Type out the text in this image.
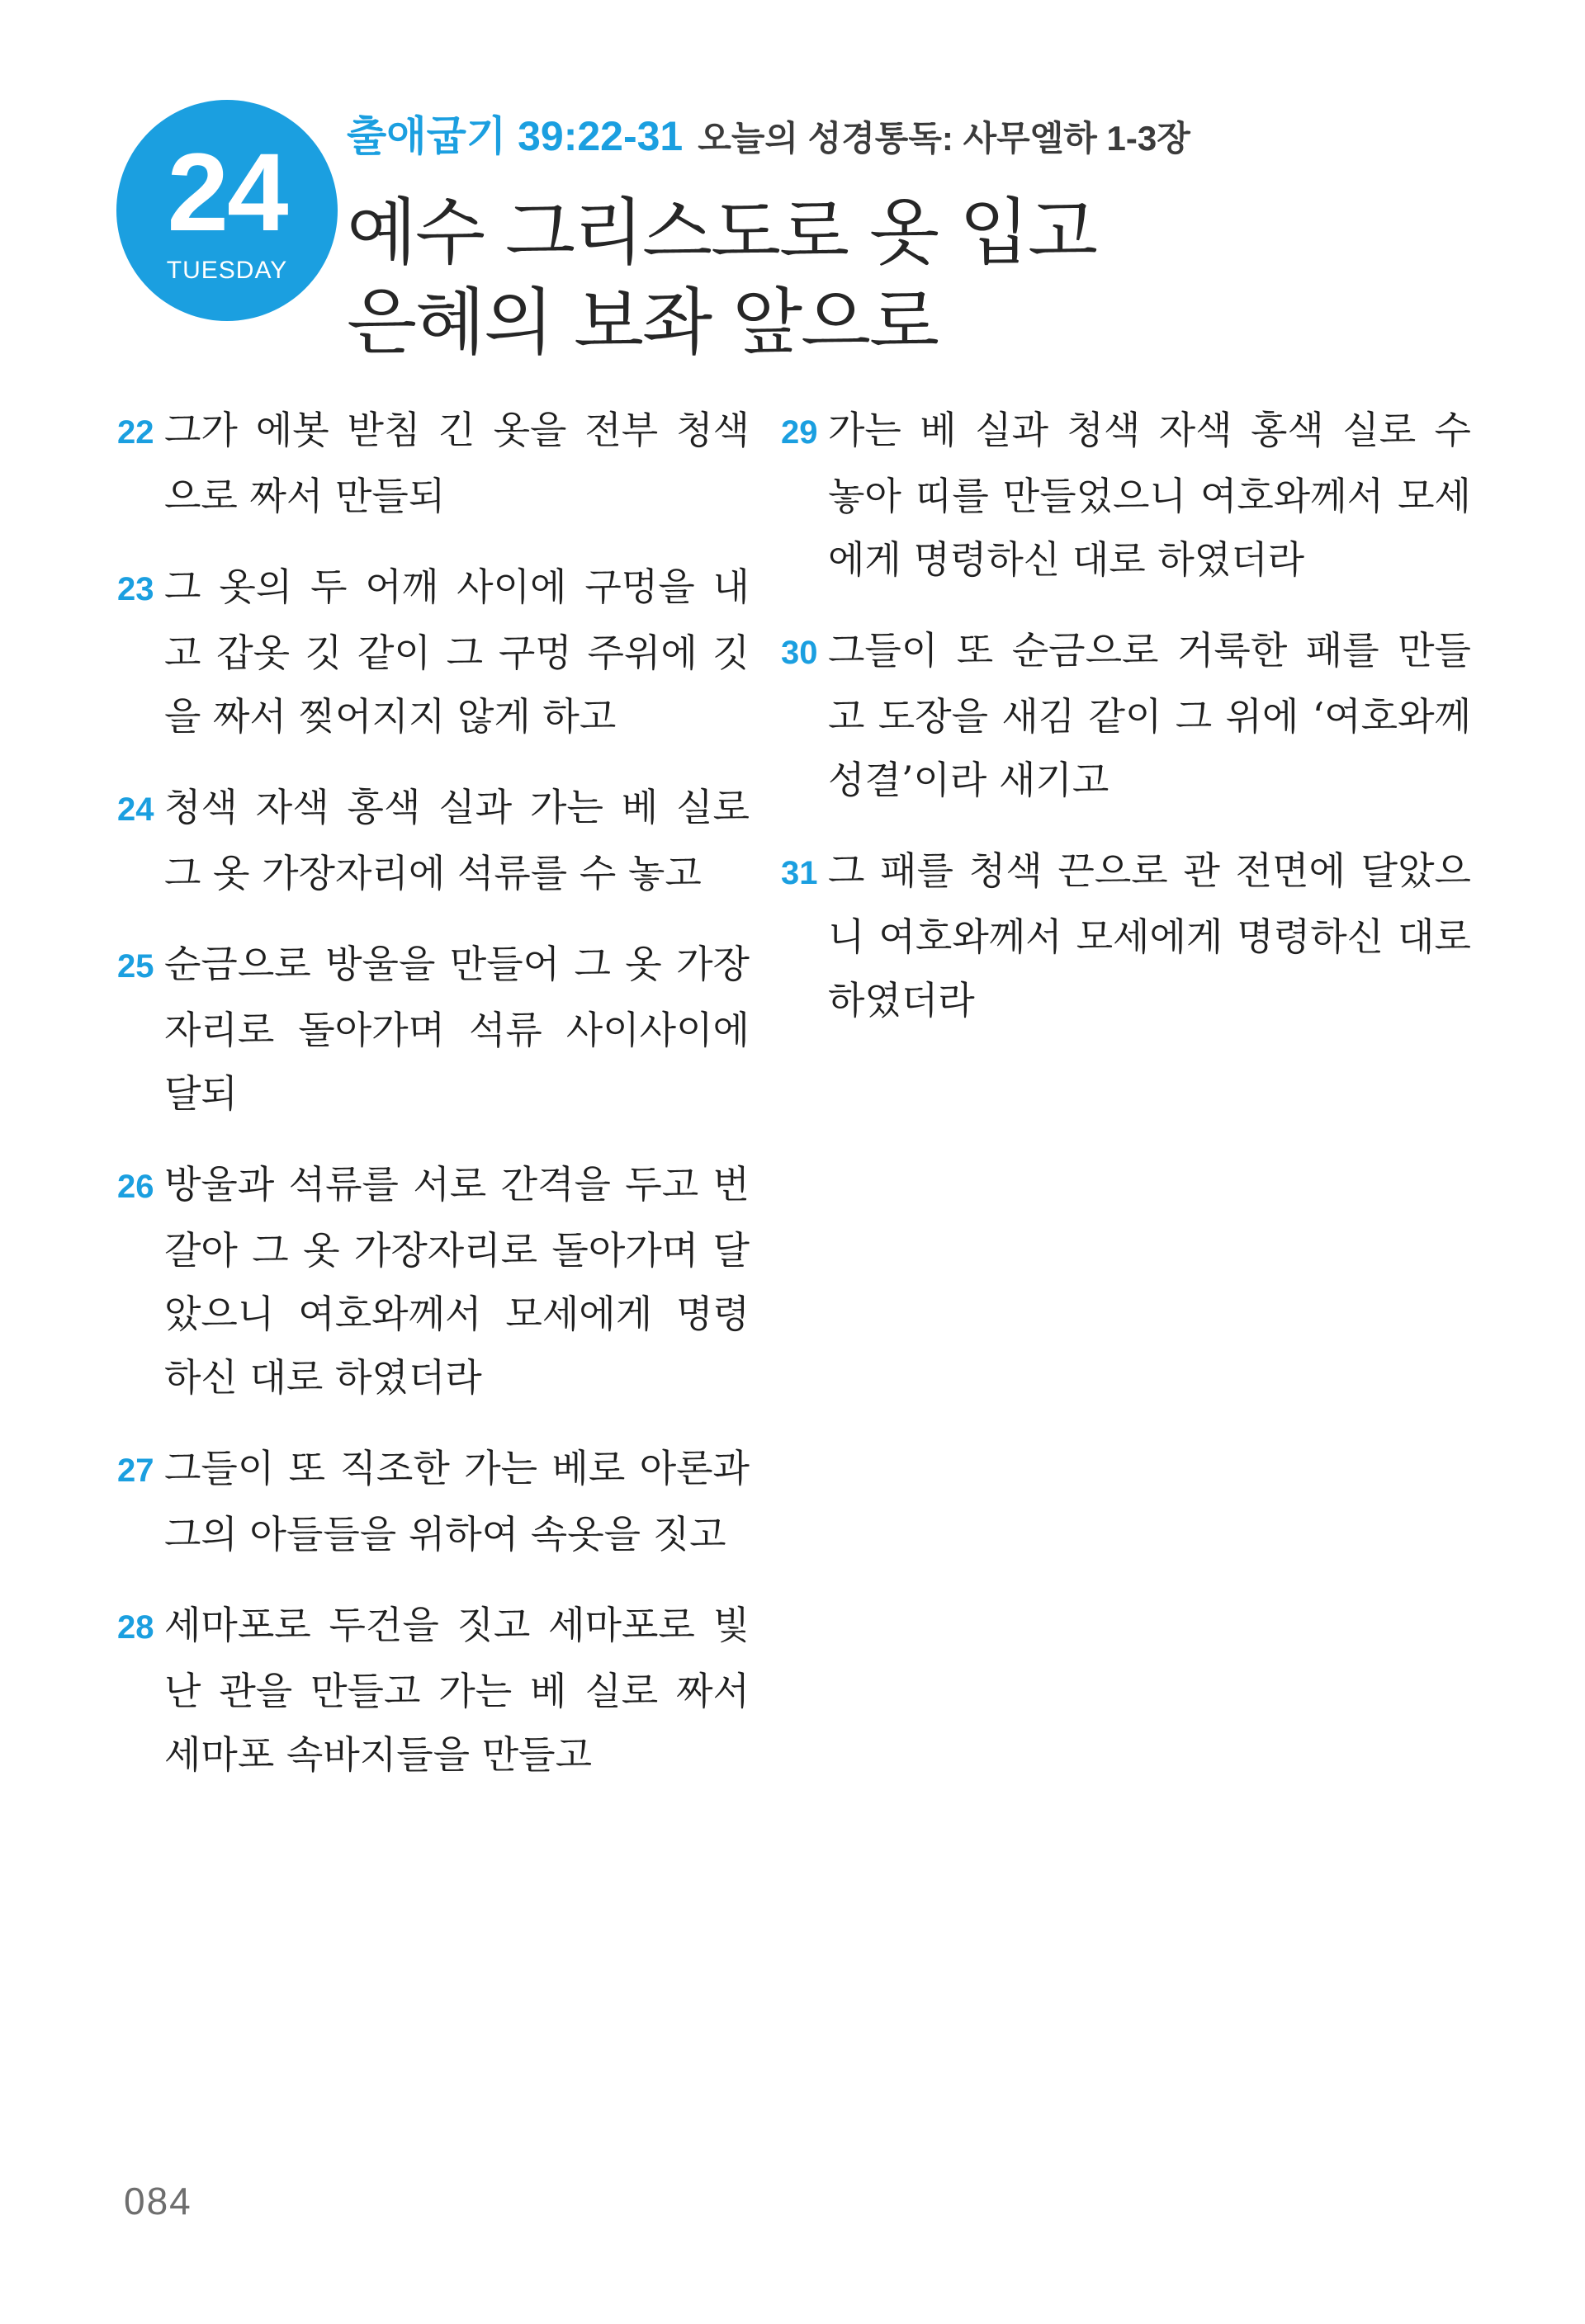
24
TUESDAY
출애굽기 39:22-31 오늘의 성경통독: 사무엘하 1-3장
예수 그리스도로 옷 입고
은혜의 보좌 앞으로

22 그가 에봇 받침 긴 옷을 전부 청색으로 짜서 만들되

23 그 옷의 두 어깨 사이에 구멍을 내고 갑옷 깃 같이 그 구멍 주위에 깃을 짜서 찢어지지 않게 하고

24 청색 자색 홍색 실과 가는 베 실로 그 옷 가장자리에 석류를 수 놓고

25 순금으로 방울을 만들어 그 옷 가장자리로 돌아가며 석류 사이사이에 달되

26 방울과 석류를 서로 간격을 두고 번갈아 그 옷 가장자리로 돌아가며 달았으니 여호와께서 모세에게 명령하신 대로 하였더라

27 그들이 또 직조한 가는 베로 아론과 그의 아들들을 위하여 속옷을 짓고

28 세마포로 두건을 짓고 세마포로 빛난 관을 만들고 가는 베 실로 짜서 세마포 속바지들을 만들고

29 가는 베 실과 청색 자색 홍색 실로 수 놓아 띠를 만들었으니 여호와께서 모세에게 명령하신 대로 하였더라

30 그들이 또 순금으로 거룩한 패를 만들고 도장을 새김 같이 그 위에 ‘여호와께 성결’이라 새기고

31 그 패를 청색 끈으로 관 전면에 달았으니 여호와께서 모세에게 명령하신 대로 하였더라

084
